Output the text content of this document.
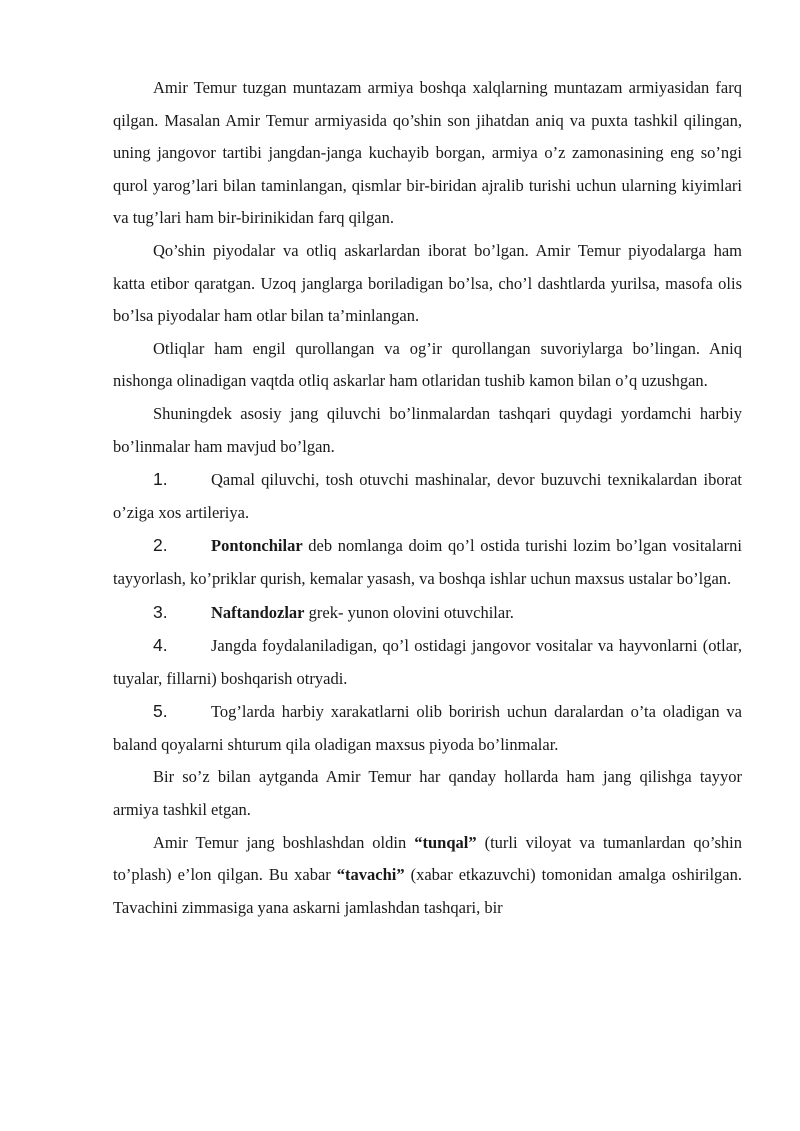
Amir Temur tuzgan muntazam armiya boshqa xalqlarning muntazam armiyasidan farq qilgan. Masalan Amir Temur armiyasida qo’shin son jihatdan aniq va puxta tashkil qilingan, uning jangovor tartibi jangdan-janga kuchayib borgan, armiya o’z zamonasining eng so’ngi qurol yarog’lari bilan taminlangan, qismlar bir-biridan ajralib turishi uchun ularning kiyimlari va tug’lari ham bir-birinikidan farq qilgan.

Qo’shin piyodalar va otliq askarlardan iborat bo’lgan. Amir Temur piyodalarga ham katta etibor qaratgan. Uzoq janglarga boriladigan bo’lsa, cho’l dashtlarda yurilsa, masofa olis bo’lsa piyodalar ham otlar bilan ta’minlangan.

Otliqlar ham engil qurollangan va og’ir qurollangan suvoriylarga bo’lingan. Aniq nishonga olinadigan vaqtda otliq askarlar ham otlaridan tushib kamon bilan o’q uzushgan.

Shuningdek asosiy jang qiluvchi bo’linmalardan tashqari quydagi yordamchi harbiy bo’linmalar ham mavjud bo’lgan.

1.	Qamal qiluvchi, tosh otuvchi mashinalar, devor buzuvchi texnikalardan iborat o’ziga xos artileriya.

2.	Pontonchilar deb nomlanga doim qo’l ostida turishi lozim bo’lgan vositalarni tayyorlash, ko’priklar qurish, kemalar yasash, va boshqa ishlar uchun maxsus ustalar bo’lgan.

3.	Naftandozlar grek- yunon olovini otuvchilar.

4.	Jangda foydalaniladigan, qo’l ostidagi jangovor vositalar va hayvonlarni (otlar, tuyalar, fillarni) boshqarish otryadi.

5.	Tog’larda harbiy xarakatlarni olib borirish uchun daralardan o’ta oladigan va baland qoyalarni shturum qila oladigan maxsus piyoda bo’linmalar.

Bir so’z bilan aytganda Amir Temur har qanday hollarda ham jang qilishga tayyor armiya tashkil etgan.

Amir Temur jang boshlashdan oldin “tunqal” (turli viloyat va tumanlardan qo’shin to’plash) e’lon qilgan. Bu xabar “tavachi” (xabar etkazuvchi) tomonidan amalga oshirilgan. Tavachini zimmasiga yana askarni jamlashdan tashqari, bir
